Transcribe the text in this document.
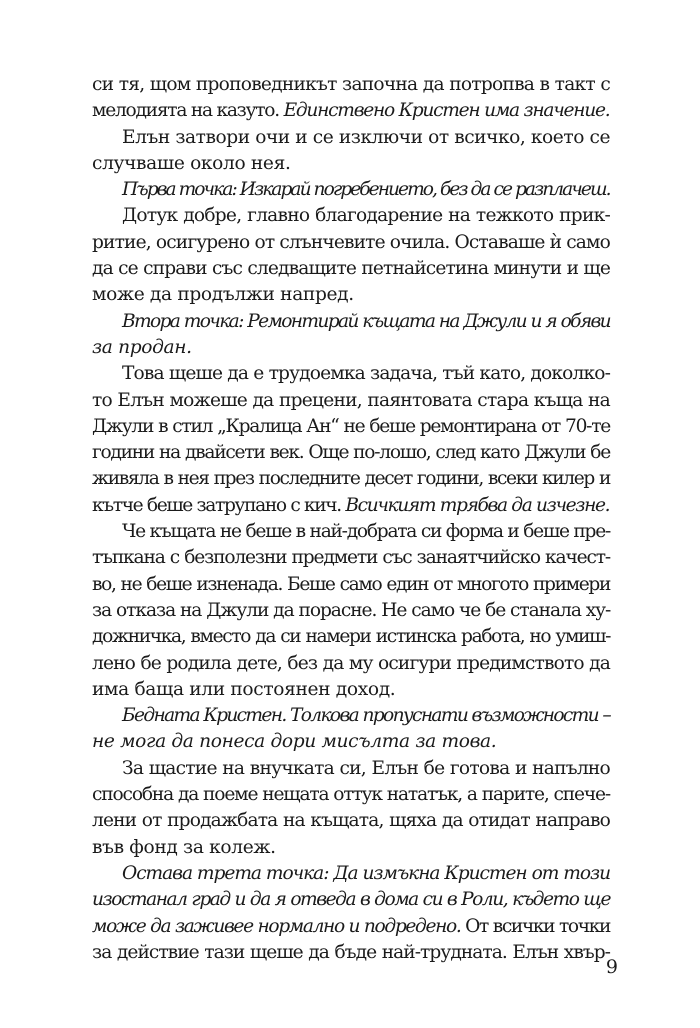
си тя, щом проповедникът започна да потропва в такт с
мелодията на казуто. Единствено Кристен има значение.
Елън затвори очи и се изключи от всичко, което се
случваше около нея.
Първа точка: Изкарай погребението, без да се разплачеш.
Дотук добре, главно благодарение на тежкото прик-
ритие, осигурено от слънчевите очила. Оставаше ѝ само
да се справи със следващите петнайсетина минути и ще
може да продължи напред.
Втора точка: Ремонтирай къщата на Джули и я обяви
за продан.
Това щеше да е трудоемка задача, тъй като, доколко-
то Елън можеше да прецени, паянтовата стара къща на
Джули в стил „Кралица Ан“ не беше ремонтирана от 70-те
години на двайсети век. Още по-лошо, след като Джули бе
живяла в нея през последните десет години, всеки килер и
кътче беше затрупано с кич. Всичкият трябва да изчезне.
Че къщата не беше в най-добрата си форма и беше пре-
тъпкана с безполезни предмети със занаятчийско качест-
во, не беше изненада. Беше само един от многото примери
за отказа на Джули да порасне. Не само че бе станала ху-
дожничка, вместо да си намери истинска работа, но умиш-
лено бе родила дете, без да му осигури предимството да
има баща или постоянен доход.
Бедната Кристен. Толкова пропуснати възможности –
не мога да понеса дори мисълта за това.
За щастие на внучката си, Елън бе готова и напълно
способна да поеме нещата оттук нататък, а парите, спече-
лени от продажбата на къщата, щяха да отидат направо
във фонд за колеж.
Остава трета точка: Да измъкна Кристен от този
изостанал град и да я отведа в дома си в Роли, където ще
може да заживее нормално и подредено. От всички точки
за действие тази щеше да бъде най-трудната. Елън хвър-
9
